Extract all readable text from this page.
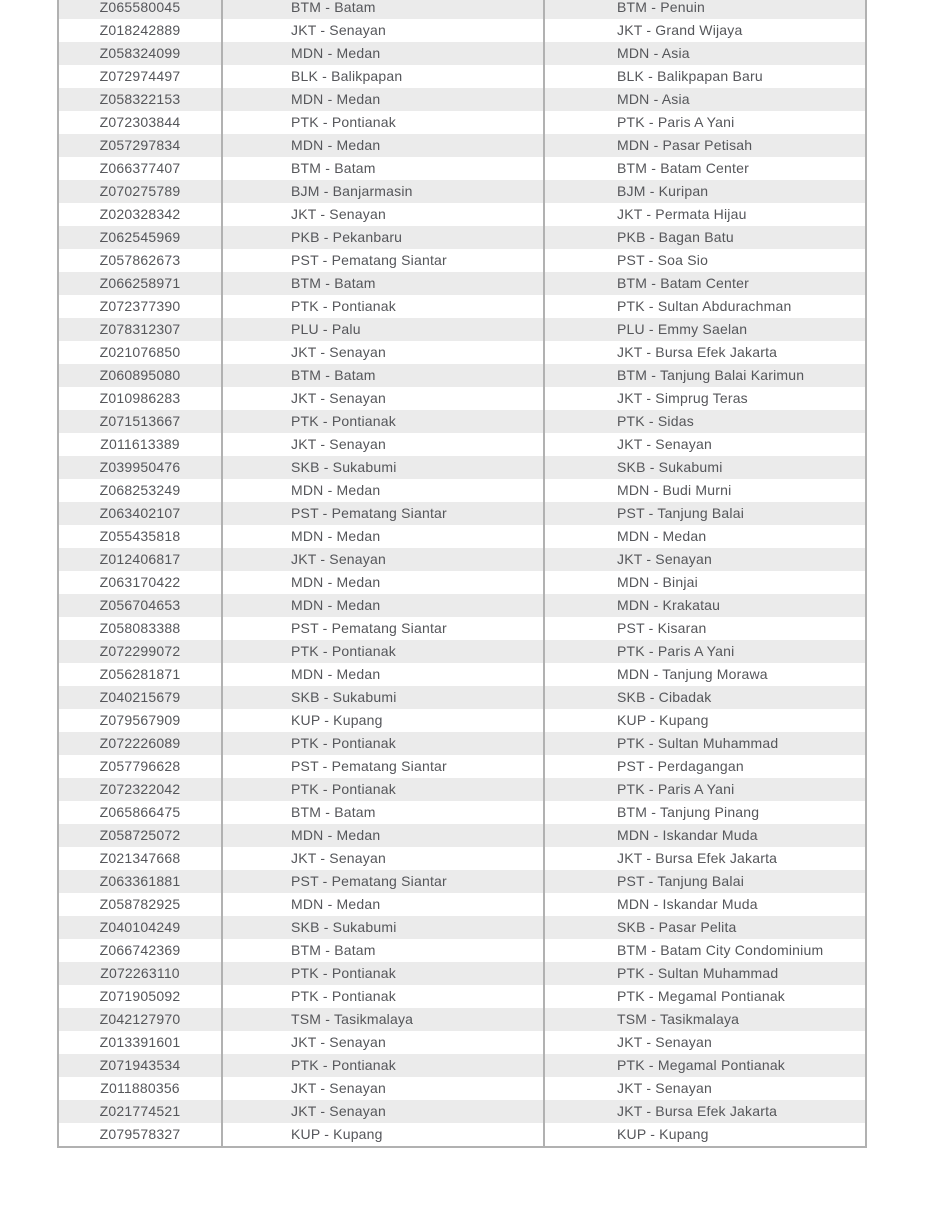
Z065580045	BTM - Batam	BTM - Penuin
Z018242889	JKT - Senayan	JKT - Grand Wijaya
Z058324099	MDN - Medan	MDN - Asia
Z072974497	BLK - Balikpapan	BLK - Balikpapan Baru
Z058322153	MDN - Medan	MDN - Asia
Z072303844	PTK - Pontianak	PTK - Paris A Yani
Z057297834	MDN - Medan	MDN - Pasar Petisah
Z066377407	BTM - Batam	BTM - Batam Center
Z070275789	BJM - Banjarmasin	BJM - Kuripan
Z020328342	JKT - Senayan	JKT - Permata Hijau
Z062545969	PKB - Pekanbaru	PKB - Bagan Batu
Z057862673	PST - Pematang Siantar	PST - Soa Sio
Z066258971	BTM - Batam	BTM - Batam Center
Z072377390	PTK - Pontianak	PTK - Sultan Abdurachman
Z078312307	PLU - Palu	PLU - Emmy Saelan
Z021076850	JKT - Senayan	JKT - Bursa Efek Jakarta
Z060895080	BTM - Batam	BTM - Tanjung Balai Karimun
Z010986283	JKT - Senayan	JKT - Simprug Teras
Z071513667	PTK - Pontianak	PTK - Sidas
Z011613389	JKT - Senayan	JKT - Senayan
Z039950476	SKB - Sukabumi	SKB - Sukabumi
Z068253249	MDN - Medan	MDN - Budi Murni
Z063402107	PST - Pematang Siantar	PST - Tanjung Balai
Z055435818	MDN - Medan	MDN - Medan
Z012406817	JKT - Senayan	JKT - Senayan
Z063170422	MDN - Medan	MDN - Binjai
Z056704653	MDN - Medan	MDN - Krakatau
Z058083388	PST - Pematang Siantar	PST - Kisaran
Z072299072	PTK - Pontianak	PTK - Paris A Yani
Z056281871	MDN - Medan	MDN - Tanjung Morawa
Z040215679	SKB - Sukabumi	SKB - Cibadak
Z079567909	KUP - Kupang	KUP - Kupang
Z072226089	PTK - Pontianak	PTK - Sultan Muhammad
Z057796628	PST - Pematang Siantar	PST - Perdagangan
Z072322042	PTK - Pontianak	PTK - Paris A Yani
Z065866475	BTM - Batam	BTM - Tanjung Pinang
Z058725072	MDN - Medan	MDN - Iskandar Muda
Z021347668	JKT - Senayan	JKT - Bursa Efek Jakarta
Z063361881	PST - Pematang Siantar	PST - Tanjung Balai
Z058782925	MDN - Medan	MDN - Iskandar Muda
Z040104249	SKB - Sukabumi	SKB - Pasar Pelita
Z066742369	BTM - Batam	BTM - Batam City Condominium
Z072263110	PTK - Pontianak	PTK - Sultan Muhammad
Z071905092	PTK - Pontianak	PTK - Megamal Pontianak
Z042127970	TSM - Tasikmalaya	TSM - Tasikmalaya
Z013391601	JKT - Senayan	JKT - Senayan
Z071943534	PTK - Pontianak	PTK - Megamal Pontianak
Z011880356	JKT - Senayan	JKT - Senayan
Z021774521	JKT - Senayan	JKT - Bursa Efek Jakarta
Z079578327	KUP - Kupang	KUP - Kupang
